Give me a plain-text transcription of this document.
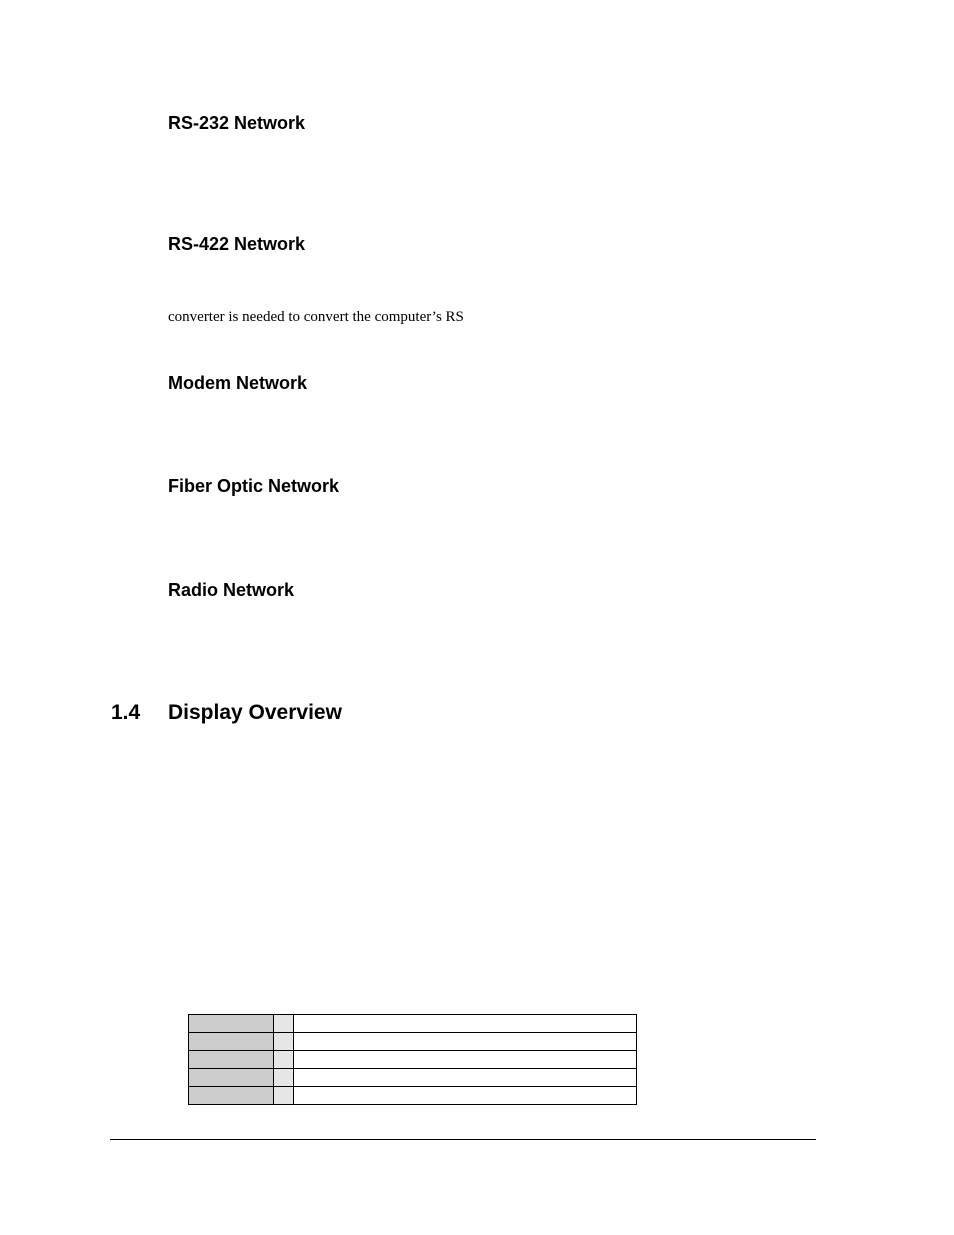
RS-232 Network
RS-422 Network

converter is needed to convert the computer’s RS

Modem Network
Fiber Optic Network
Radio Network
1.4 Display Overview
